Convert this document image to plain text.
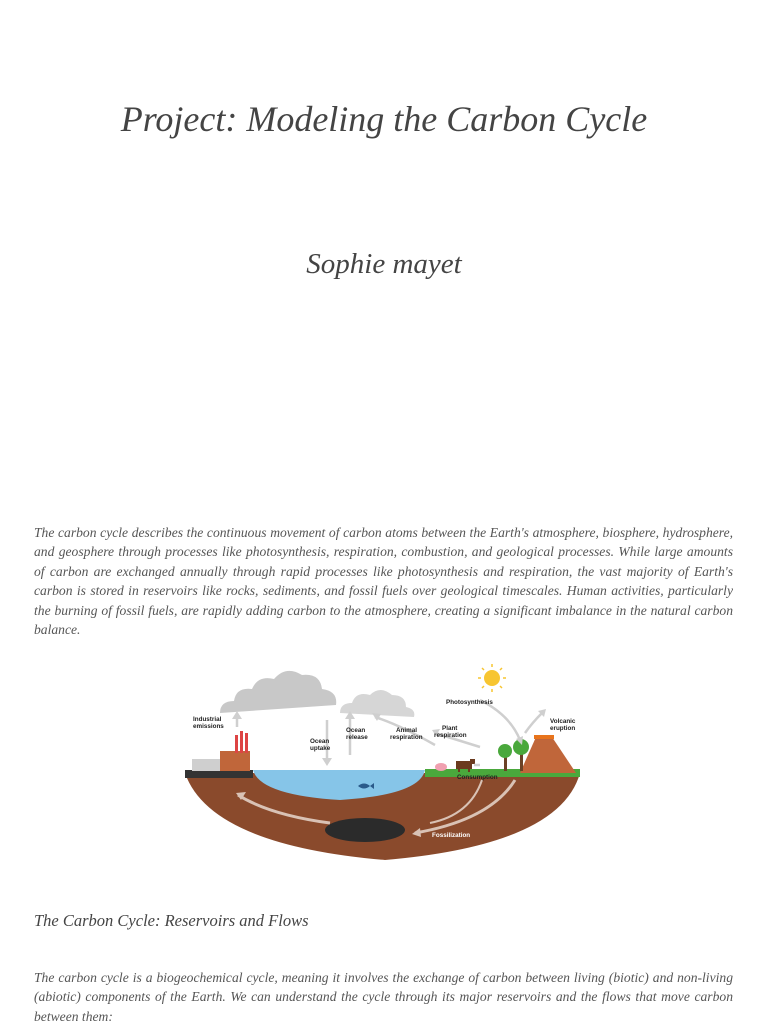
Project: Modeling the Carbon Cycle
Sophie mayet

The carbon cycle describes the continuous movement of carbon atoms between the Earth's atmosphere, biosphere, hydrosphere, and geosphere through processes like photosynthesis, respiration, combustion, and geological processes. While large amounts of carbon are exchanged annually through rapid processes like photosynthesis and respiration, the vast majority of Earth's carbon is stored in reservoirs like rocks, sediments, and fossil fuels over geological timescales. Human activities, particularly the burning of fossil fuels, are rapidly adding carbon to the atmosphere, creating a significant imbalance in the natural carbon balance.

Industrial
emissions
Ocean
uptake
Ocean
release
Animal
respiration
Plant
respiration
Photosynthesis
Volcanic
eruption
Consumption
Fossilization
The Carbon Cycle: Reservoirs and Flows

The carbon cycle is a biogeochemical cycle, meaning it involves the exchange of carbon between living (biotic) and non-living (abiotic) components of the Earth. We can understand the cycle through its major reservoirs and the flows that move carbon between them:
